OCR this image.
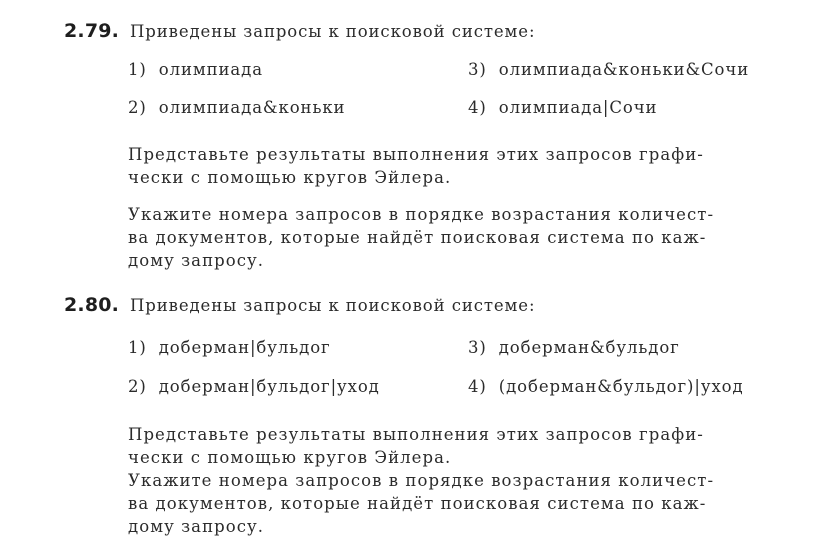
2.79. Приведены запросы к поисковой системе:
1) олимпиада
2) олимпиада&коньки
3) олимпиада&коньки&Сочи
4) олимпиада|Сочи
Представьте результаты выполнения этих запросов графи-
чески с помощью кругов Эйлера.
Укажите номера запросов в порядке возрастания количест-
ва документов, которые найдёт поисковая система по каж-
дому запросу.
2.80. Приведены запросы к поисковой системе:
1) доберман|бульдог
2) доберман|бульдог|уход
3) доберман&бульдог
4) (доберман&бульдог)|уход
Представьте результаты выполнения этих запросов графи-
чески с помощью кругов Эйлера.
Укажите номера запросов в порядке возрастания количест-
ва документов, которые найдёт поисковая система по каж-
дому запросу.
